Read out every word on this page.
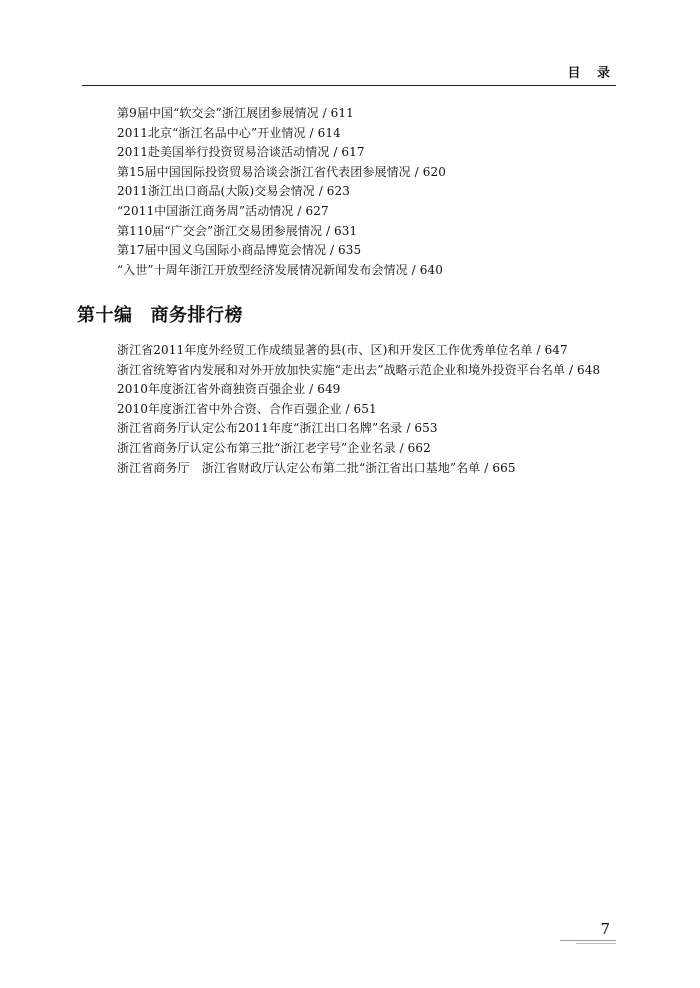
目 录
第9届中国“软交会”浙江展团参展情况 / 611
2011北京“浙江名品中心”开业情况 / 614
2011赴美国举行投资贸易洽谈活动情况 / 617
第15届中国国际投资贸易洽谈会浙江省代表团参展情况 / 620
2011浙江出口商品(大阪)交易会情况 / 623
“2011中国浙江商务周”活动情况 / 627
第110届“广交会”浙江交易团参展情况 / 631
第17届中国义乌国际小商品博览会情况 / 635
“入世”十周年浙江开放型经济发展情况新闻发布会情况 / 640
第十编 商务排行榜
浙江省2011年度外经贸工作成绩显著的县(市、区)和开发区工作优秀单位名单 / 647
浙江省统筹省内发展和对外开放加快实施“走出去”战略示范企业和境外投资平台名单 / 648
2010年度浙江省外商独资百强企业 / 649
2010年度浙江省中外合资、合作百强企业 / 651
浙江省商务厅认定公布2011年度“浙江出口名牌”名录 / 653
浙江省商务厅认定公布第三批“浙江老字号”企业名录 / 662
浙江省商务厅　浙江省财政厅认定公布第二批“浙江省出口基地”名单 / 665
7
